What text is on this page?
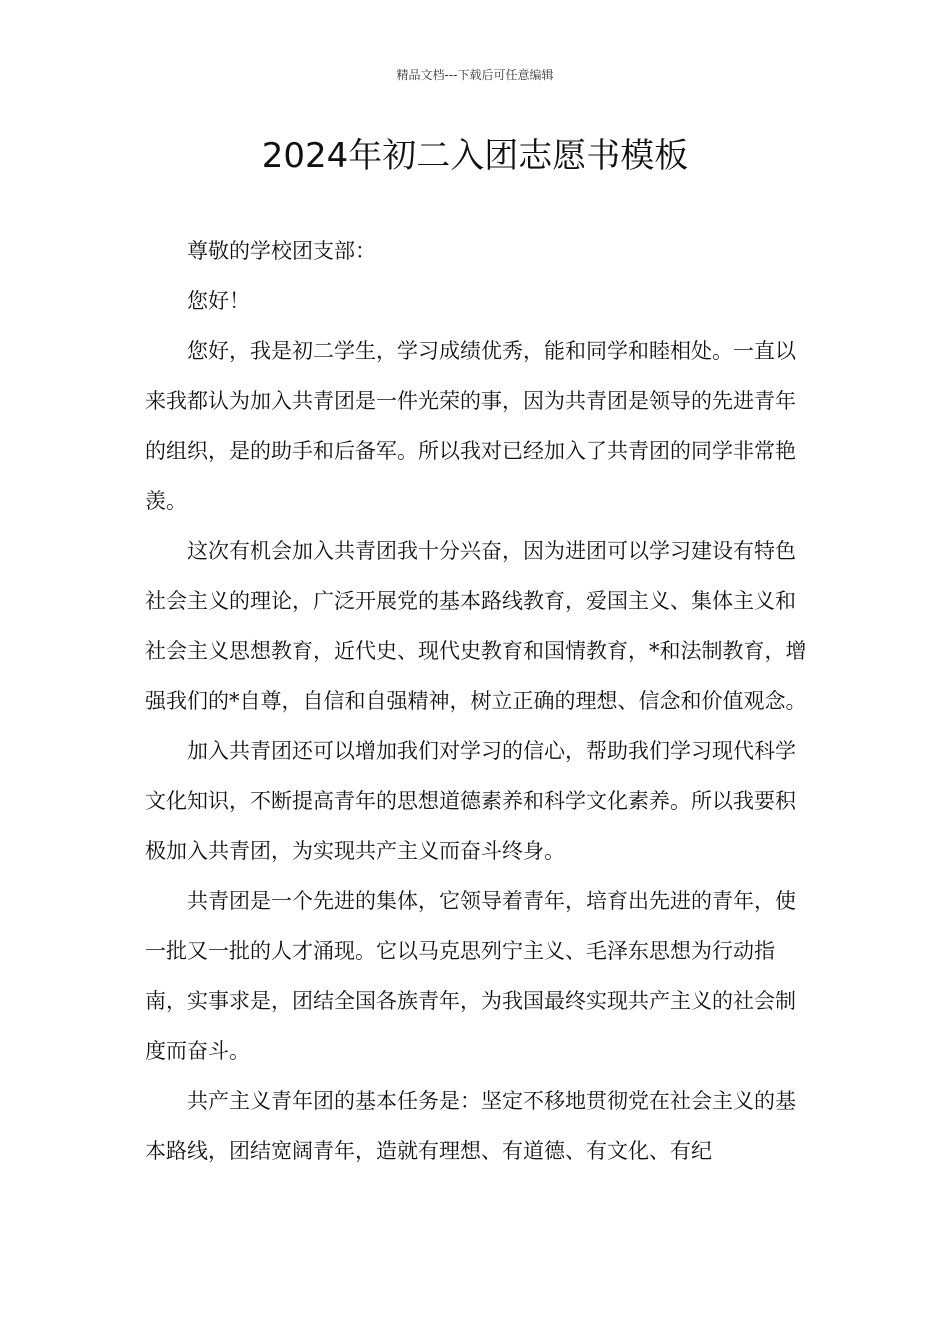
精品文档---下载后可任意编辑
2024年初二入团志愿书模板

尊敬的学校团支部：

您好！

您好，我是初二学生，学习成绩优秀，能和同学和睦相处。一直以来我都认为加入共青团是一件光荣的事，因为共青团是领导的先进青年的组织，是的助手和后备军。所以我对已经加入了共青团的同学非常艳羡。

这次有机会加入共青团我十分兴奋，因为进团可以学习建设有特色社会主义的理论，广泛开展党的基本路线教育，爱国主义、集体主义和社会主义思想教育，近代史、现代史教育和国情教育，*和法制教育，增强我们的*自尊，自信和自强精神，树立正确的理想、信念和价值观念。

加入共青团还可以增加我们对学习的信心，帮助我们学习现代科学文化知识，不断提高青年的思想道德素养和科学文化素养。所以我要积极加入共青团，为实现共产主义而奋斗终身。

共青团是一个先进的集体，它领导着青年，培育出先进的青年，使一批又一批的人才涌现。它以马克思列宁主义、毛泽东思想为行动指南，实事求是，团结全国各族青年，为我国最终实现共产主义的社会制度而奋斗。

共产主义青年团的基本任务是：坚定不移地贯彻党在社会主义的基本路线，团结宽阔青年，造就有理想、有道德、有文化、有纪
